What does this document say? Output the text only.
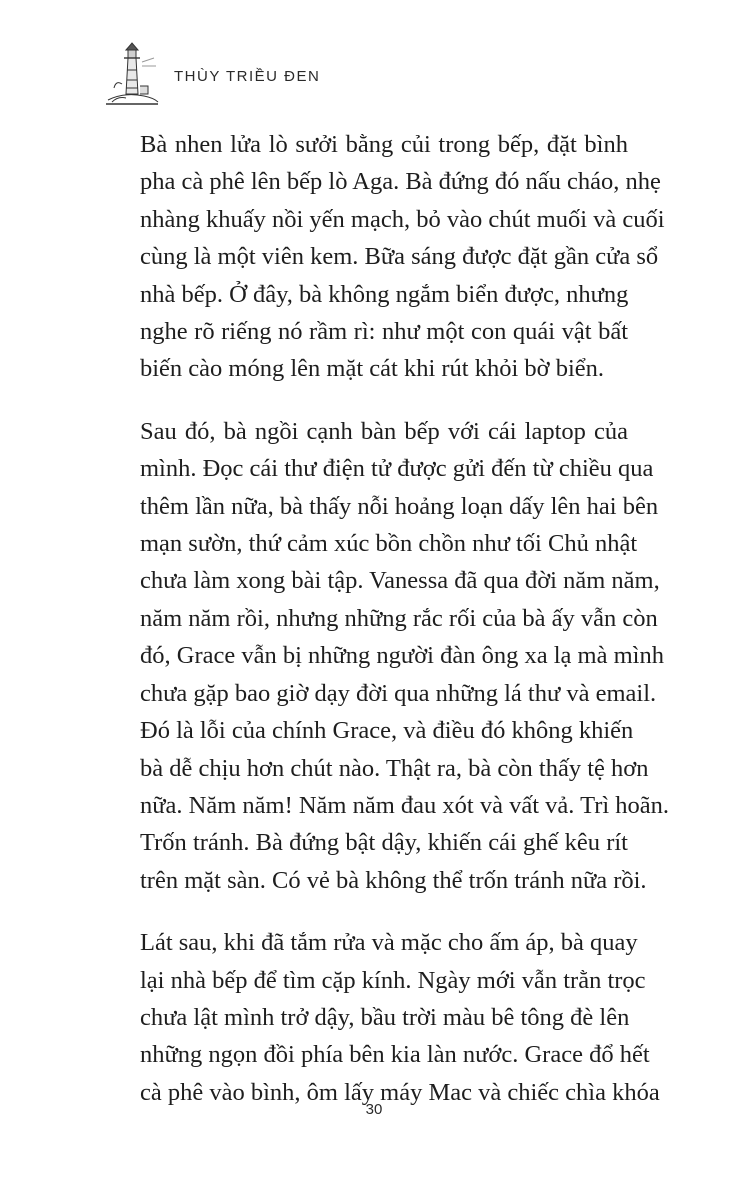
THÙY TRIỀU ĐEN

Bà nhen lửa lò sưởi bằng củi trong bếp, đặt bình
pha cà phê lên bếp lò Aga. Bà đứng đó nấu cháo, nhẹ
nhàng khuấy nồi yến mạch, bỏ vào chút muối và cuối
cùng là một viên kem. Bữa sáng được đặt gần cửa sổ
nhà bếp. Ở đây, bà không ngắm biển được, nhưng
nghe rõ riếng nó rầm rì: như một con quái vật bất
biến cào móng lên mặt cát khi rút khỏi bờ biển.

Sau đó, bà ngồi cạnh bàn bếp với cái laptop của
mình. Đọc cái thư điện tử được gửi đến từ chiều qua
thêm lần nữa, bà thấy nỗi hoảng loạn dấy lên hai bên
mạn sườn, thứ cảm xúc bồn chồn như tối Chủ nhật
chưa làm xong bài tập. Vanessa đã qua đời năm năm,
năm năm rồi, nhưng những rắc rối của bà ấy vẫn còn
đó, Grace vẫn bị những người đàn ông xa lạ mà mình
chưa gặp bao giờ dạy đời qua những lá thư và email.
Đó là lỗi của chính Grace, và điều đó không khiến
bà dễ chịu hơn chút nào. Thật ra, bà còn thấy tệ hơn
nữa. Năm năm! Năm năm đau xót và vất vả. Trì hoãn.
Trốn tránh. Bà đứng bật dậy, khiến cái ghế kêu rít
trên mặt sàn. Có vẻ bà không thể trốn tránh nữa rồi.

Lát sau, khi đã tắm rửa và mặc cho ấm áp, bà quay
lại nhà bếp để tìm cặp kính. Ngày mới vẫn trằn trọc
chưa lật mình trở dậy, bầu trời màu bê tông đè lên
những ngọn đồi phía bên kia làn nước. Grace đổ hết
cà phê vào bình, ôm lấy máy Mac và chiếc chìa khóa

30
